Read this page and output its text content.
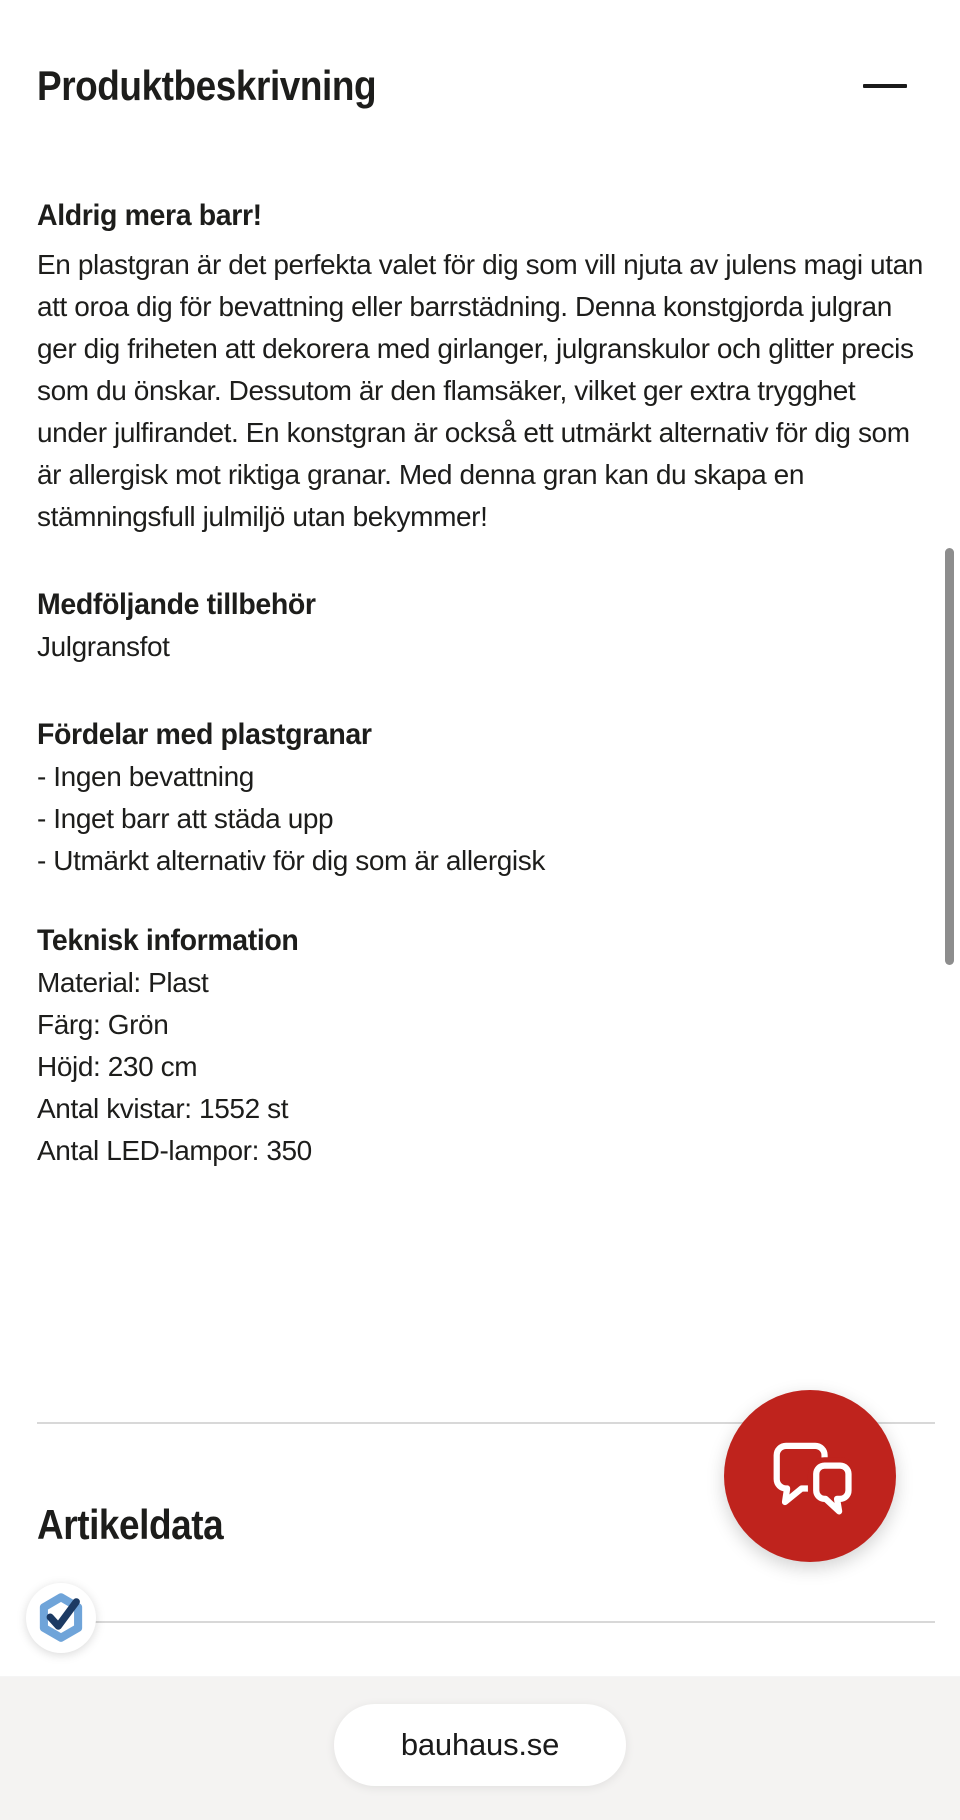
Produktbeskrivning
Aldrig mera barr!

En plastgran är det perfekta valet för dig som vill njuta av julens magi utan att oroa dig för bevattning eller barrstädning. Denna konstgjorda julgran ger dig friheten att dekorera med girlanger, julgranskulor och glitter precis som du önskar. Dessutom är den flamsäker, vilket ger extra trygghet under julfirandet. En konstgran är också ett utmärkt alternativ för dig som är allergisk mot riktiga granar. Med denna gran kan du skapa en stämningsfull julmiljö utan bekymmer!

Medföljande tillbehör
Julgransfot
Fördelar med plastgranar
- Ingen bevattning
- Inget barr att städa upp
- Utmärkt alternativ för dig som är allergisk
Teknisk information
Material: Plast
Färg: Grön
Höjd: 230 cm
Antal kvistar: 1552 st
Antal LED-lampor: 350
Artikeldata
bauhaus.se
